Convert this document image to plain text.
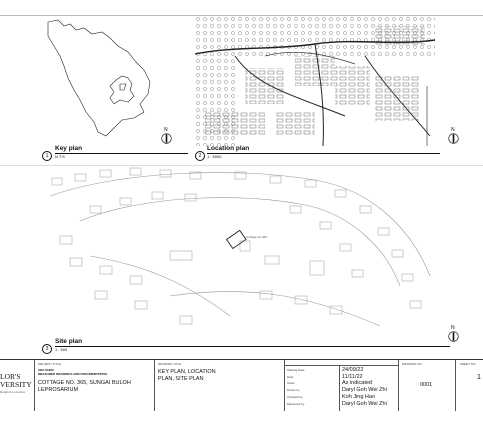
1
Key plan
N.T.S
N
2
Location plan
1 : 5000
N
Cottage No.365
3
Site plan
1 : 500
N
LOR'S
VERSITY
Design for tomorrow
PROJECT TITLE
ARC 61906
MEASURED DRAWINGS AND DOCUMENTATION
COTTAGE NO. 365, SUNGAI BULOH
LEPROSARIUM
DRAWING TITLE
KEY PLAN, LOCATION
PLAN, SITE PLAN
Starting Date	24/09/22
Date	11/11/22
Scale	As indicated
Drawn by	Daryl Goh Wei Zhi
Checked by	Koh Jing Hao
Measured by	Daryl Goh Wei Zhi
DRAWING NO.
0001
SHEET NO.
1
